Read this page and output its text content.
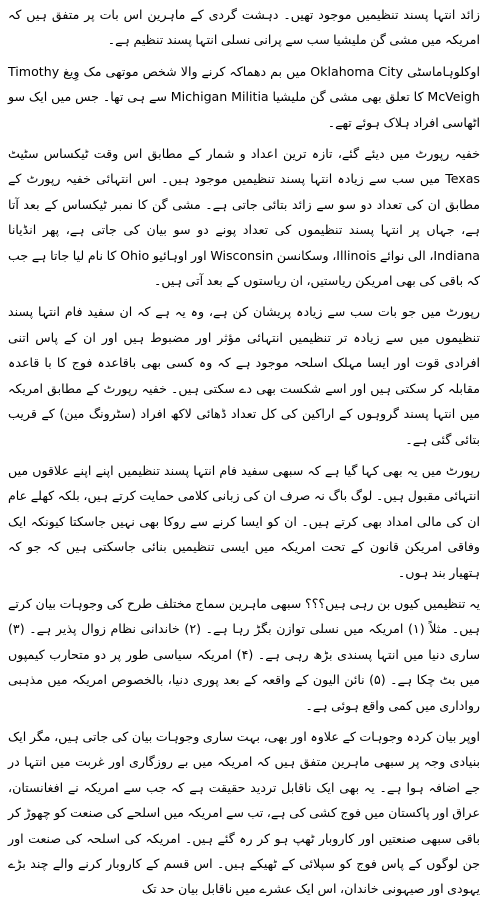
زائد انتہا پسند تنظیمیں موجود تھیں۔ دہشت گردی کے ماہرین اس بات پر متفق ہیں کہ امریکہ میں مشی گن ملیشیا سب سے پرانی نسلی انتہا پسند تنظیم ہے۔

اوکلوہاماسٹی Oklahoma City میں بم دھماکہ کرنے والا شخص موتھی مک وِیغ Timothy McVeigh کا تعلق بھی مشی گن ملیشیا Michigan Militia سے ہی تھا۔ جس میں ایک سو اٹھاسی افراد ہلاک ہوئے تھے۔

خفیہ رپورٹ میں دیئے گئے، تازہ ترین اعداد و شمار کے مطابق اس وقت ٹیکساس سٹیٹ Texas میں سب سے زیادہ انتہا پسند تنظیمیں موجود ہیں۔ اس انتہائی خفیہ رپورٹ کے مطابق ان کی تعداد دو سو سے زائد بتائی جاتی ہے۔ مشی گن کا نمبر ٹیکساس کے بعد آتا ہے، جہاں پر انتہا پسند تنظیموں کی تعداد پونے دو سو بیان کی جاتی ہے، پھر انڈیانا Indiana، الی نوائے Illinois، وسکانسن Wisconsin اور اوہائیو Ohio کا نام لیا جاتا ہے جب کہ باقی کی بھی امریکن ریاستیں، ان ریاستوں کے بعد آتی ہیں۔

رپورٹ میں جو بات سب سے زیادہ پریشان کن ہے، وہ یہ ہے کہ ان سفید فام انتہا پسند تنظیموں میں سے زیادہ تر تنظیمیں انتہائی مؤثر اور مضبوط ہیں اور ان کے پاس اتنی افرادی قوت اور ایسا مہلک اسلحہ موجود ہے کہ وہ کسی بھی باقاعدہ فوج کا با قاعدہ مقابلہ کر سکتی ہیں اور اسے شکست بھی دے سکتی ہیں۔ خفیہ رپورٹ کے مطابق امریکہ میں انتہا پسند گروہوں کے اراکین کی کل تعداد ڈھائی لاکھ افراد (سٹرونگ مین) کے قریب بتائی گئی ہے۔

رپورٹ میں یہ بھی کہا گیا ہے کہ سبھی سفید فام انتہا پسند تنظیمیں اپنے اپنے علاقوں میں انتہائی مقبول ہیں۔ لوگ باگ نہ صرف ان کی زبانی کلامی حمایت کرتے ہیں، بلکہ کھلے عام ان کی مالی امداد بھی کرتے ہیں۔ ان کو ایسا کرنے سے روکا بھی نہیں جاسکتا کیونکہ ایک وفاقی امریکن قانون کے تحت امریکہ میں ایسی تنظیمیں بنائی جاسکتی ہیں کہ جو کہ ہتھیار بند ہوں۔

یہ تنظیمیں کیوں بن رہی ہیں؟؟؟ سبھی ماہرین سماج مختلف طرح کی وجوہات بیان کرتے ہیں۔ مثلاً (۱) امریکہ میں نسلی توازن بگڑ رہا ہے۔ (۲) خاندانی نظام زوال پذیر ہے۔ (۳) ساری دنیا میں انتہا پسندی بڑھ رہی ہے۔ (۴) امریکہ سیاسی طور پر دو متحارب کیمپوں میں بٹ چکا ہے۔ (۵) نائن الیون کے واقعہ کے بعد پوری دنیا، بالخصوص امریکہ میں مذہبی رواداری میں کمی واقع ہوئی ہے۔

اوپر بیان کردہ وجوہات کے علاوہ اور بھی، بہت ساری وجوہات بیان کی جاتی ہیں، مگر ایک بنیادی وجہ پر سبھی ماہرین متفق ہیں کہ امریکہ میں بے روزگاری اور غربت میں انتہا در جے اضافہ ہوا ہے۔ یہ بھی ایک ناقابل تردید حقیقت ہے کہ جب سے امریکہ نے افغانستان، عراق اور پاکستان میں فوج کشی کی ہے، تب سے امریکہ میں اسلحے کی صنعت کو چھوڑ کر باقی سبھی صنعتیں اور کاروبار ٹھپ ہو کر رہ گئے ہیں۔ امریکہ کی اسلحہ کی صنعت اور جن لوگوں کے پاس فوج کو سپلائی کے ٹھیکے ہیں۔ اس قسم کے کاروبار کرنے والے چند بڑے یہودی اور صیہونی خاندان، اس ایک عشرے میں ناقابل بیان حد تک
